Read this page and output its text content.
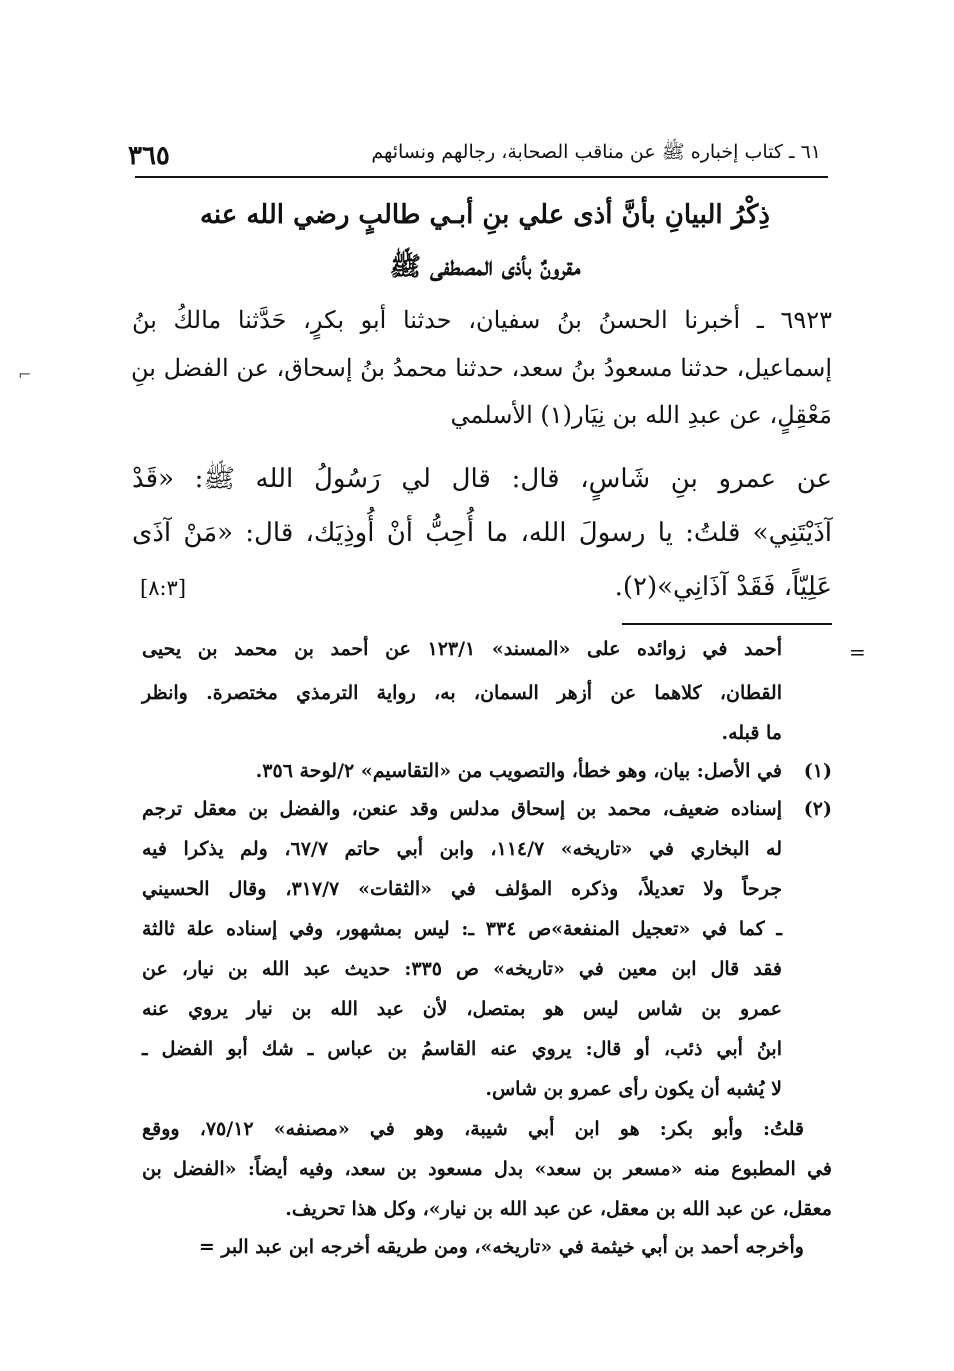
٦١ ـ كتاب إخباره ﷺ عن مناقب الصحابة، رجالهم ونسائهم
٣٦٥
ذِكْرُ البيانِ بأنَّ أذى علي بنِ أبـي طالبٍ رضي الله عنه
مقرونٌ بأذى المصطفى ﷺ
٦٩٢٣ ـ أخبرنا الحسنُ بنُ سفيان، حدثنا أبو بكرٍ، حَدَّثنا مالكُ بنُ
إسماعيل، حدثنا مسعودُ بنُ سعد، حدثنا محمدُ بنُ إسحاق، عن الفضل بنِ
مَعْقِلٍ، عن عبدِ الله بن نِيَار(١) الأسلمي
عن عمرو بنِ شَاسٍ، قال: قال لي رَسُولُ الله ﷺ: «قَدْ
آذَيْتَنِي» قلتُ: يا رسولَ الله، ما أُحِبُّ أنْ أُوذِيَك، قال: «مَنْ آذَى
عَلِيّاً، فَقَدْ آذَانِي»(٢).
[٨:٣]
=
أحمد في زوائده على «المسند» ١٢٣/١ عن أحمد بن محمد بن يحيى
القطان، كلاهما عن أزهر السمان، به، رواية الترمذي مختصرة. وانظر
ما قبله.
(١)
في الأصل: بيان، وهو خطأ، والتصويب من «التقاسيم» ٢/لوحة ٣٥٦.
(٢)
إسناده ضعيف، محمد بن إسحاق مدلس وقد عنعن، والفضل بن معقل ترجم
له البخاري في «تاريخه» ١١٤/٧، وابن أبي حاتم ٦٧/٧، ولم يذكرا فيه
جرحاً ولا تعديلاً، وذكره المؤلف في «الثقات» ٣١٧/٧، وقال الحسيني
ـ كما في «تعجيل المنفعة»ص ٣٣٤ ـ: ليس بمشهور، وفي إسناده علة ثالثة
فقد قال ابن معين في «تاريخه» ص ٣٣٥: حديث عبد الله بن نيار، عن
عمرو بن شاس ليس هو بمتصل، لأن عبد الله بن نيار يروي عنه
ابنُ أبي ذئب، أو قال: يروي عنه القاسمُ بن عباس ـ شك أبو الفضل ـ
لا يُشبه أن يكون رأى عمرو بن شاس.
قلتُ: وأبو بكر: هو ابن أبي شيبة، وهو في «مصنفه» ٧٥/١٢، ووقع
في المطبوع منه «مسعر بن سعد» بدل مسعود بن سعد، وفيه أيضاً: «الفضل بن
معقل، عن عبد الله بن معقل، عن عبد الله بن نيار»، وكل هذا تحريف.
وأخرجه أحمد بن أبي خيثمة في «تاريخه»، ومن طريقه أخرجه ابن عبد البر =
⌐
